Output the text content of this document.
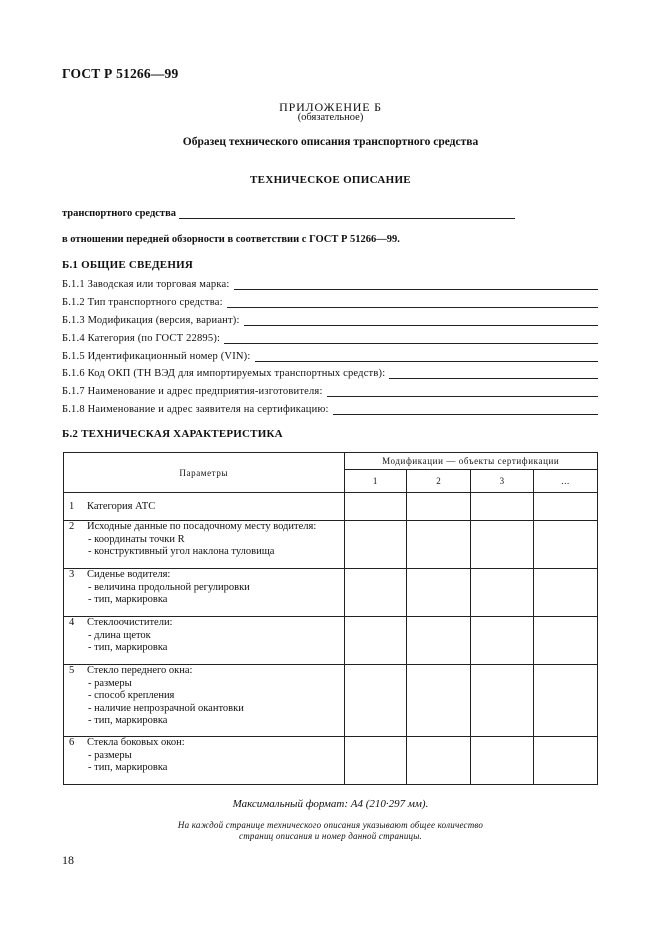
ГОСТ Р 51266—99
ПРИЛОЖЕНИЕ Б
(обязательное)
Образец технического описания транспортного средства
ТЕХНИЧЕСКОЕ ОПИСАНИЕ
транспортного средства
в отношении передней обзорности в соответствии с ГОСТ Р 51266—99.
Б.1 ОБЩИЕ СВЕДЕНИЯ
Б.1.1 Заводская или торговая марка:
Б.1.2 Тип транспортного средства:
Б.1.3 Модификация (версия, вариант):
Б.1.4 Категория (по ГОСТ 22895):
Б.1.5 Идентификационный номер (VIN):
Б.1.6 Код ОКП (ТН ВЭД для импортируемых транспортных средств):
Б.1.7 Наименование и адрес предприятия-изготовителя:
Б.1.8 Наименование и адрес заявителя на сертификацию:
Б.2 ТЕХНИЧЕСКАЯ ХАРАКТЕРИСТИКА
Параметры	Модификации — объекты сертификации			
	1	2	3	...
1 Категория АТС				
2 Исходные данные по посадочному месту водителя:
- координаты точки R
- конструктивный угол наклона туловища				

3 Сиденье водителя:
- величина продольной регулировки
- тип, маркировка				

4 Стеклоочистители:
- длина щеток
- тип, маркировка				

5 Стекло переднего окна:
- размеры
- способ крепления
- наличие непрозрачной окантовки
- тип, маркировка				

6 Стекла боковых окон:
- размеры
- тип, маркировка				

Максимальный формат: А4 (210·297 мм).
На каждой странице технического описания указывают общее количество
страниц описания и номер данной страницы.
18
